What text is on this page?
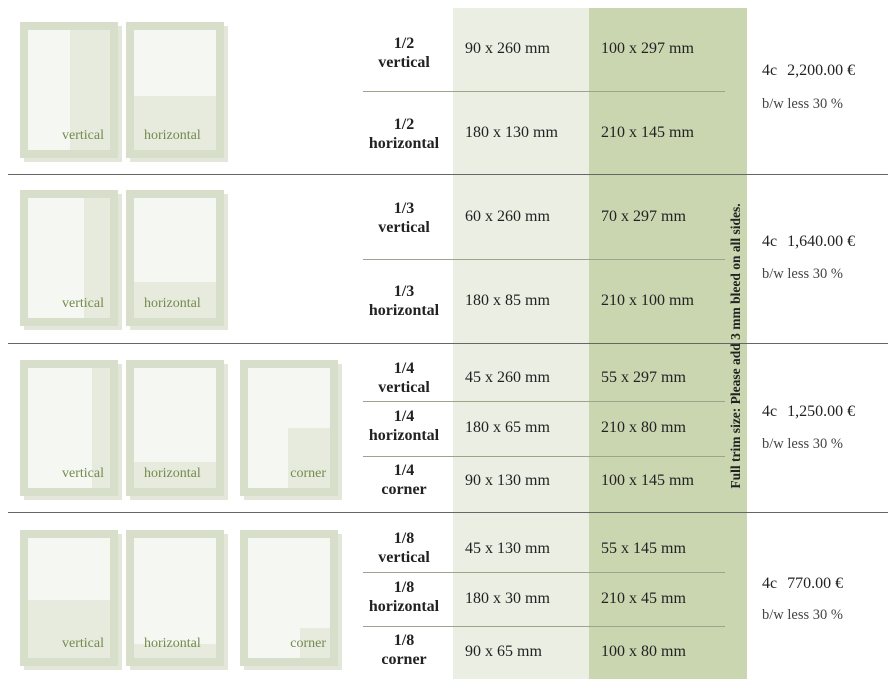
vertical	horizontal
1/2
vertical
90 x 260 mm	100 x 297 mm
1/2
horizontal
180 x 130 mm	210 x 145 mm
4c 2,200.00 €
b/w less 30 %
vertical	horizontal
1/3
vertical
60 x 260 mm	70 x 297 mm
1/3
horizontal
180 x 85 mm	210 x 100 mm
4c 1,640.00 €
b/w less 30 %
vertical	horizontal	corner
1/4
vertical
45 x 260 mm	55 x 297 mm
1/4
horizontal	180 x 65 mm	210 x 80 mm
1/4
corner
90 x 130 mm	100 x 145 mm
4c 1,250.00 €
b/w less 30 %
vertical	horizontal	corner
1/8
vertical
45 x 130 mm	55 x 145 mm
1/8
horizontal	180 x 30 mm	210 x 45 mm
1/8
corner	90 x 65 mm	100 x 80 mm
4c 770.00 €
b/w less 30 %
Full trim size: Please add 3 mm bleed on all sides.
